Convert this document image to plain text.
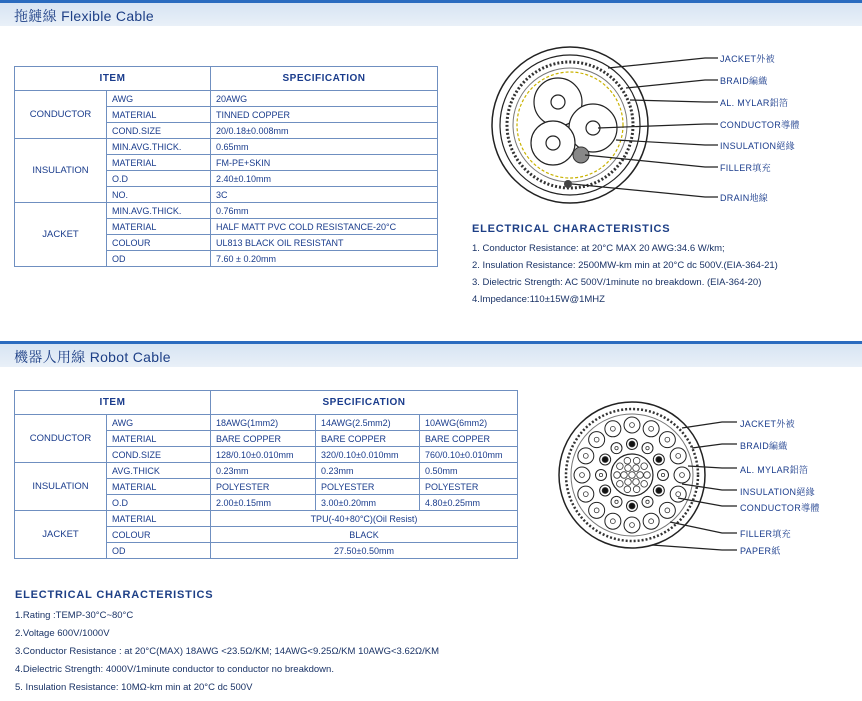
拖鏈線 Flexible Cable
ITEM		SPECIFICATION
CONDUCTOR	AWG	20AWG
	MATERIAL	TINNED COPPER
	COND.SIZE	20/0.18±0.008mm
INSULATION	MIN.AVG.THICK.	0.65mm
	MATERIAL	FM-PE+SKIN
	O.D	2.40±0.10mm
	NO.	3C
JACKET	MIN.AVG.THICK.	0.76mm
	MATERIAL	HALF MATT PVC COLD RESISTANCE-20°C
	COLOUR	UL813 BLACK OIL RESISTANT
	OD	7.60 ± 0.20mm
JACKET外被
BRAID編織
AL. MYLAR鋁箔
CONDUCTOR導體
INSULATION絕緣
FILLER填充
DRAIN地線
ELECTRICAL CHARACTERISTICS
1. Conductor Resistance: at 20°C MAX 20 AWG:34.6 W/km;
2. Insulation Resistance: 2500MW-km min at 20°C dc 500V.(EIA-364-21)
3. Dielectric Strength: AC 500V/1minute no breakdown. (EIA-364-20)
4.Impedance:110±15W@1MHZ
機器人用線 Robot Cable
ITEM		SPECIFICATION		
CONDUCTOR	AWG	18AWG(1mm2)	14AWG(2.5mm2)	10AWG(6mm2)
	MATERIAL	BARE COPPER	BARE COPPER	BARE COPPER
	COND.SIZE	128/0.10±0.010mm	320/0.10±0.010mm	760/0.10±0.010mm
INSULATION	AVG.THICK	0.23mm	0.23mm	0.50mm
	MATERIAL	POLYESTER	POLYESTER	POLYESTER
	O.D	2.00±0.15mm	3.00±0.20mm	4.80±0.25mm
JACKET	MATERIAL	TPU(-40+80°C)(Oil Resist)		
	COLOUR	BLACK		
	OD	27.50±0.50mm		
JACKET外被
BRAID編織
AL. MYLAR鋁箔
INSULATION絕緣
CONDUCTOR導體
FILLER填充
PAPER紙
ELECTRICAL CHARACTERISTICS
1.Rating :TEMP-30°C~80°C
2.Voltage 600V/1000V
3.Conductor Resistance : at 20°C(MAX) 18AWG <23.5Ω/KM; 14AWG<9.25Ω/KM 10AWG<3.62Ω/KM
4.Dielectric Strength: 4000V/1minute conductor to conductor no breakdown.
5. Insulation Resistance: 10MΩ-km min at 20°C dc 500V
